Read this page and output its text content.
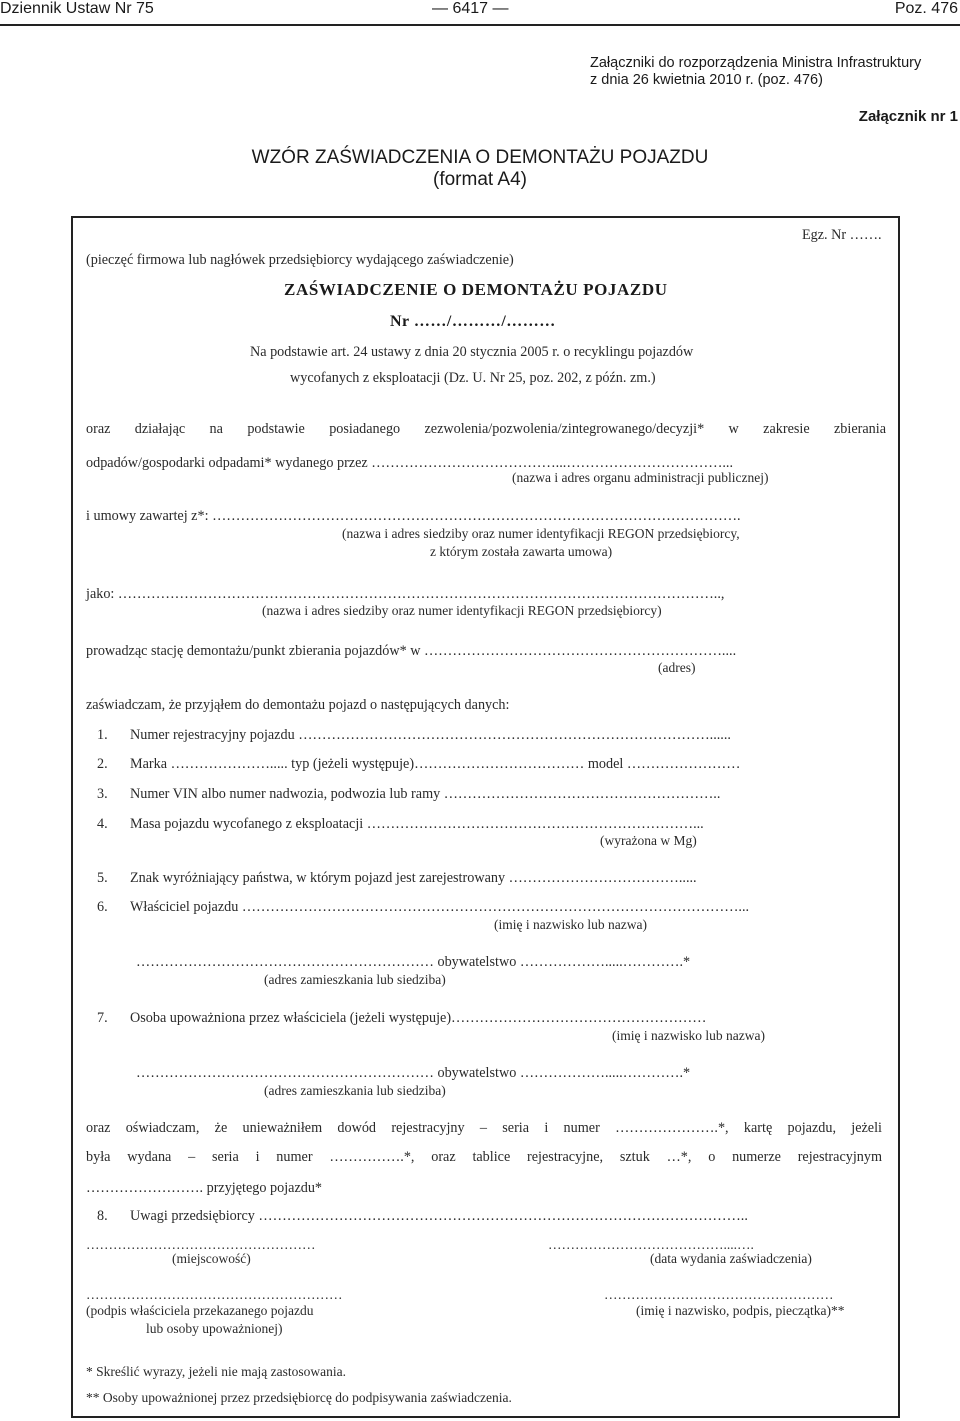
Dziennik Ustaw Nr 75	— 6417 —	Poz. 476
Załączniki do rozporządzenia Ministra Infrastruktury
z dnia 26 kwietnia 2010 r. (poz. 476)
Załącznik nr 1
WZÓR ZAŚWIADCZENIA O DEMONTAŻU POJAZDU
(format A4)
Egz. Nr …….
(pieczęć firmowa lub nagłówek przedsiębiorcy wydającego zaświadczenie)
ZAŚWIADCZENIE O DEMONTAŻU POJAZDU
Nr ……/………/………
Na podstawie art. 24 ustawy z dnia 20 stycznia 2005 r. o recyklingu pojazdów
wycofanych z eksploatacji (Dz. U. Nr 25, poz. 202, z późn. zm.)
oraz działając na podstawie posiadanego zezwolenia/pozwolenia/zintegrowanego/decyzji* w zakresie zbierania
odpadów/gospodarki odpadami* wydanego przez …………………………………...……………………………...
(nazwa i adres organu administracji publicznej)
i umowy zawartej z*: ………………………………………………………………………………………………….
(nazwa i adres siedziby oraz numer identyfikacji REGON przedsiębiorcy,
z którym została zawarta umowa)
jako: ………………………………………………………………………………………………………………..,
(nazwa i adres siedziby oraz numer identyfikacji REGON przedsiębiorcy)
prowadząc stację demontażu/punkt zbierania pojazdów* w ………………………………………………………....
(adres)
zaświadczam, że przyjąłem do demontażu pojazd o następujących danych:
1. Numer rejestracyjny pojazdu ……………………………………………………………………………......
2. Marka …………………..... typ (jeżeli występuje)……………………………… model ……………………
3. Numer VIN albo numer nadwozia, podwozia lub ramy …………………………………………………..
4. Masa pojazdu wycofanego z eksploatacji ……………………………………………………………...
(wyrażona w Mg)
5. Znak wyróżniający państwa, w którym pojazd jest zarejestrowany ……………………………….....
6. Właściciel pojazdu ……………………………………………………………………………………………...
(imię i nazwisko lub nazwa)
……………………………………………………… obywatelstwo ……………….....………….*
(adres zamieszkania lub siedziba)
7. Osoba upoważniona przez właściciela (jeżeli występuje)………………………………………………
(imię i nazwisko lub nazwa)
……………………………………………………… obywatelstwo ……………….....………….*
(adres zamieszkania lub siedziba)
oraz oświadczam, że unieważniłem dowód rejestracyjny – seria i numer ………………….*, kartę pojazdu, jeżeli
była wydana – seria i numer …………….*, oraz tablice rejestracyjne, sztuk …*, o numerze rejestracyjnym
……………………. przyjętego pojazdu*
8. Uwagi przedsiębiorcy …………………………………………………………………………………………..
……………………………………………
(miejscowość)
…………………………………....….
(data wydania zaświadczenia)
…………………………………………………
(podpis właściciela przekazanego pojazdu
lub osoby upoważnionej)
……………………………………………
(imię i nazwisko, podpis, pieczątka)**
* Skreślić wyrazy, jeżeli nie mają zastosowania.
** Osoby upoważnionej przez przedsiębiorcę do podpisywania zaświadczenia.
